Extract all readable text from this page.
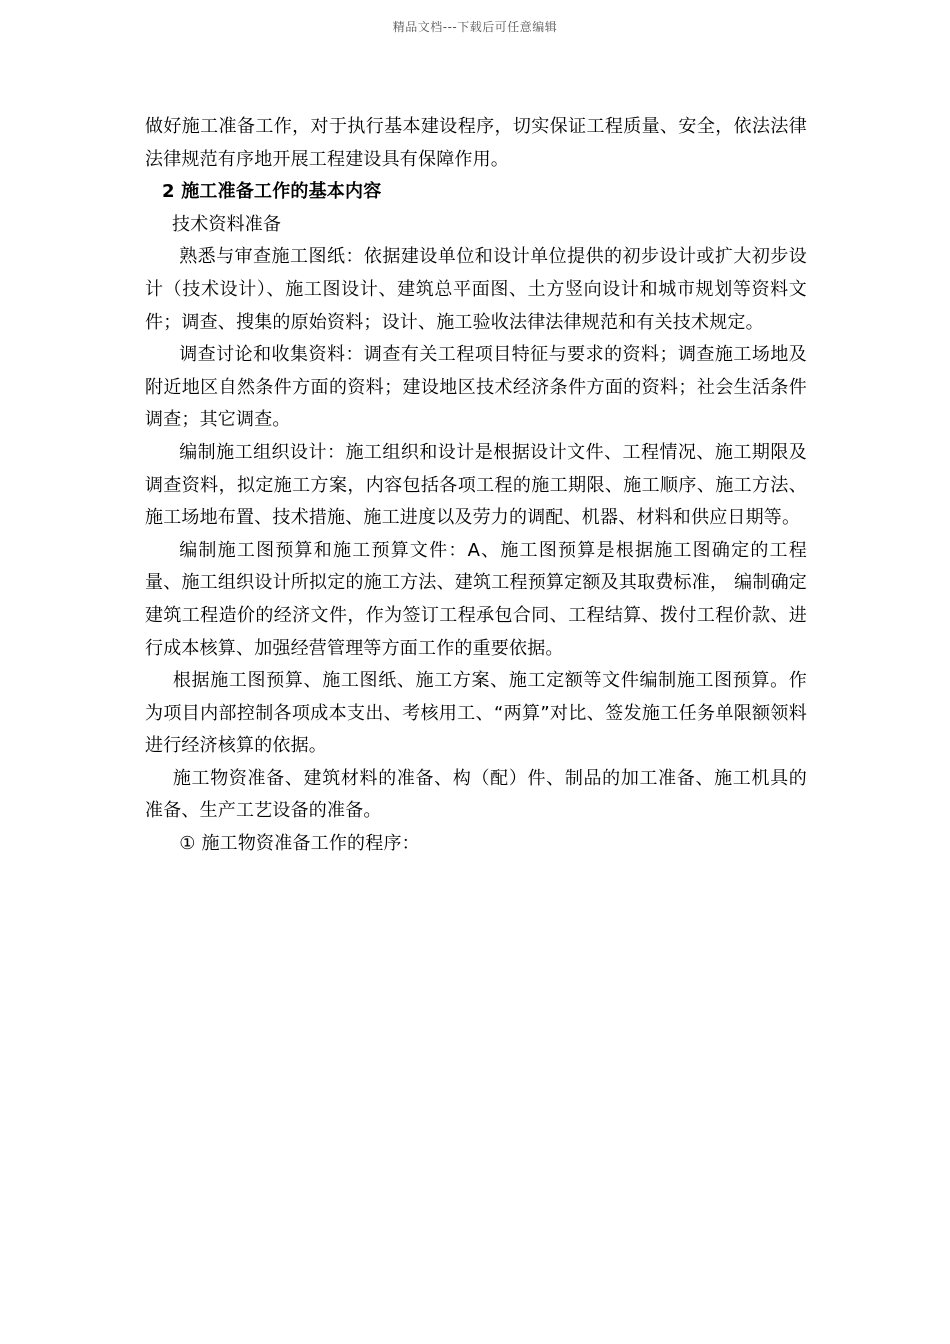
精品文档---下载后可任意编辑

做好施工准备工作，对于执行基本建设程序，切实保证工程质量、安全，依法法律法律规范有序地开展工程建设具有保障作用。

2 施工准备工作的基本内容

技术资料准备

熟悉与审查施工图纸：依据建设单位和设计单位提供的初步设计或扩大初步设计（技术设计）、施工图设计、建筑总平面图、土方竖向设计和城市规划等资料文件；调查、搜集的原始资料；设计、施工验收法律法律规范和有关技术规定。

调查讨论和收集资料：调查有关工程项目特征与要求的资料；调查施工场地及附近地区自然条件方面的资料；建设地区技术经济条件方面的资料；社会生活条件调查；其它调查。

编制施工组织设计：施工组织和设计是根据设计文件、工程情况、施工期限及调查资料，拟定施工方案，内容包括各项工程的施工期限、施工顺序、施工方法、施工场地布置、技术措施、施工进度以及劳力的调配、机器、材料和供应日期等。

编制施工图预算和施工预算文件：A、施工图预算是根据施工图确定的工程量、施工组织设计所拟定的施工方法、建筑工程预算定额及其取费标准， 编制确定建筑工程造价的经济文件，作为签订工程承包合同、工程结算、拨付工程价款、进行成本核算、加强经营管理等方面工作的重要依据。

根据施工图预算、施工图纸、施工方案、施工定额等文件编制施工图预算。作为项目内部控制各项成本支出、考核用工、“两算”对比、签发施工任务单限额领料进行经济核算的依据。

施工物资准备、建筑材料的准备、构（配）件、制品的加工准备、施工机具的准备、生产工艺设备的准备。

① 施工物资准备工作的程序：
